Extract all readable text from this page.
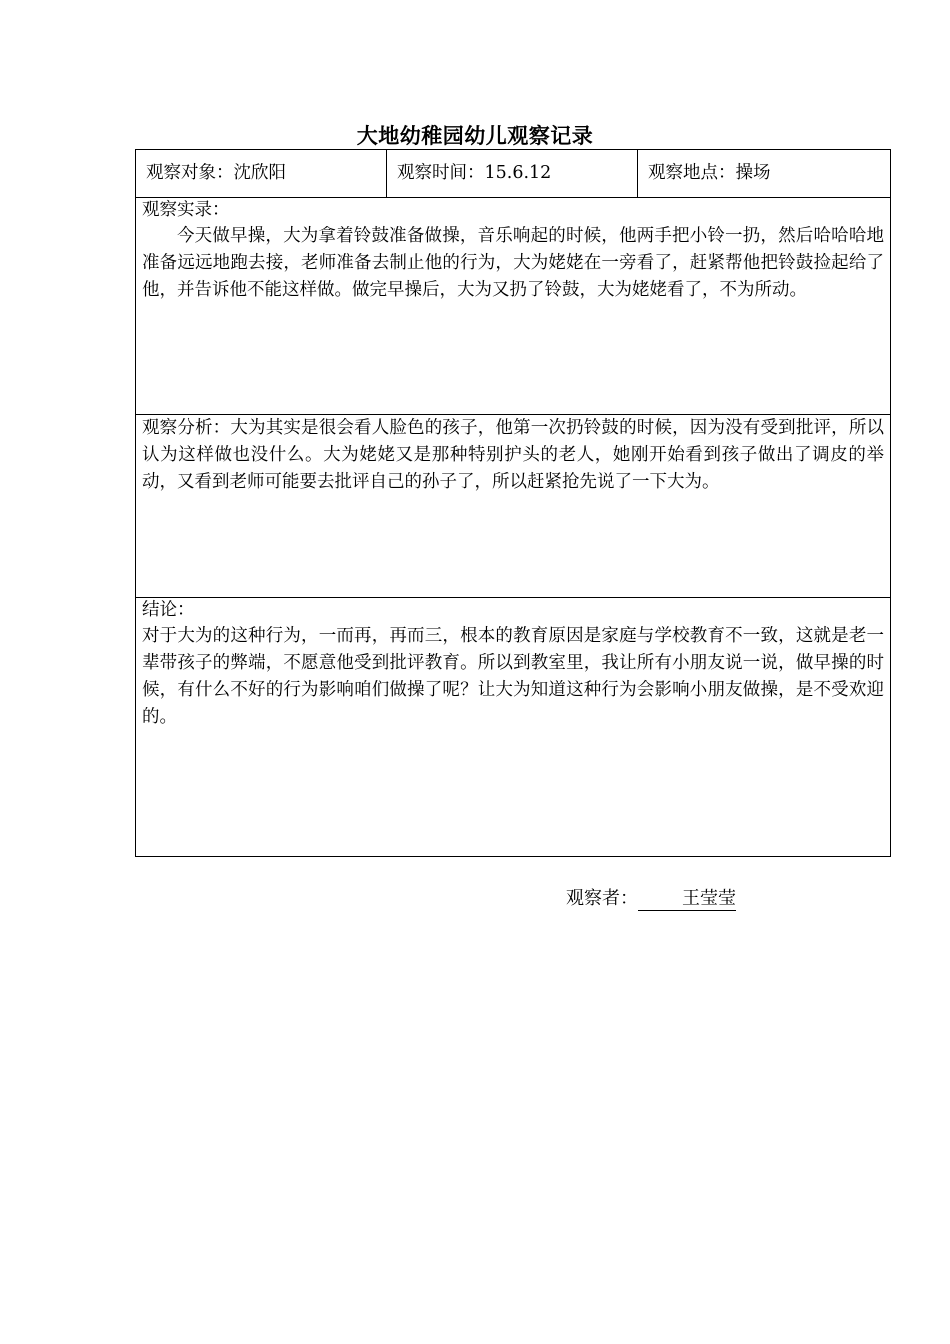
大地幼稚园幼儿观察记录
观察对象：沈欣阳	观察时间：15.6.12	观察地点：操场

观察实录：
今天做早操，大为拿着铃鼓准备做操，音乐响起的时候，他两手把小铃一扔，然后哈哈哈地准备远远地跑去接，老师准备去制止他的行为，大为姥姥在一旁看了，赶紧帮他把铃鼓捡起给了他，并告诉他不能这样做。做完早操后，大为又扔了铃鼓，大为姥姥看了，不为所动。

观察分析：大为其实是很会看人脸色的孩子，他第一次扔铃鼓的时候，因为没有受到批评，所以认为这样做也没什么。大为姥姥又是那种特别护头的老人，她刚开始看到孩子做出了调皮的举动，又看到老师可能要去批评自己的孙子了，所以赶紧抢先说了一下大为。

结论：
对于大为的这种行为，一而再，再而三，根本的教育原因是家庭与学校教育不一致，这就是老一辈带孩子的弊端，不愿意他受到批评教育。所以到教室里，我让所有小朋友说一说，做早操的时候，有什么不好的行为影响咱们做操了呢？让大为知道这种行为会影响小朋友做操，是不受欢迎的。
观察者： 王莹莹
